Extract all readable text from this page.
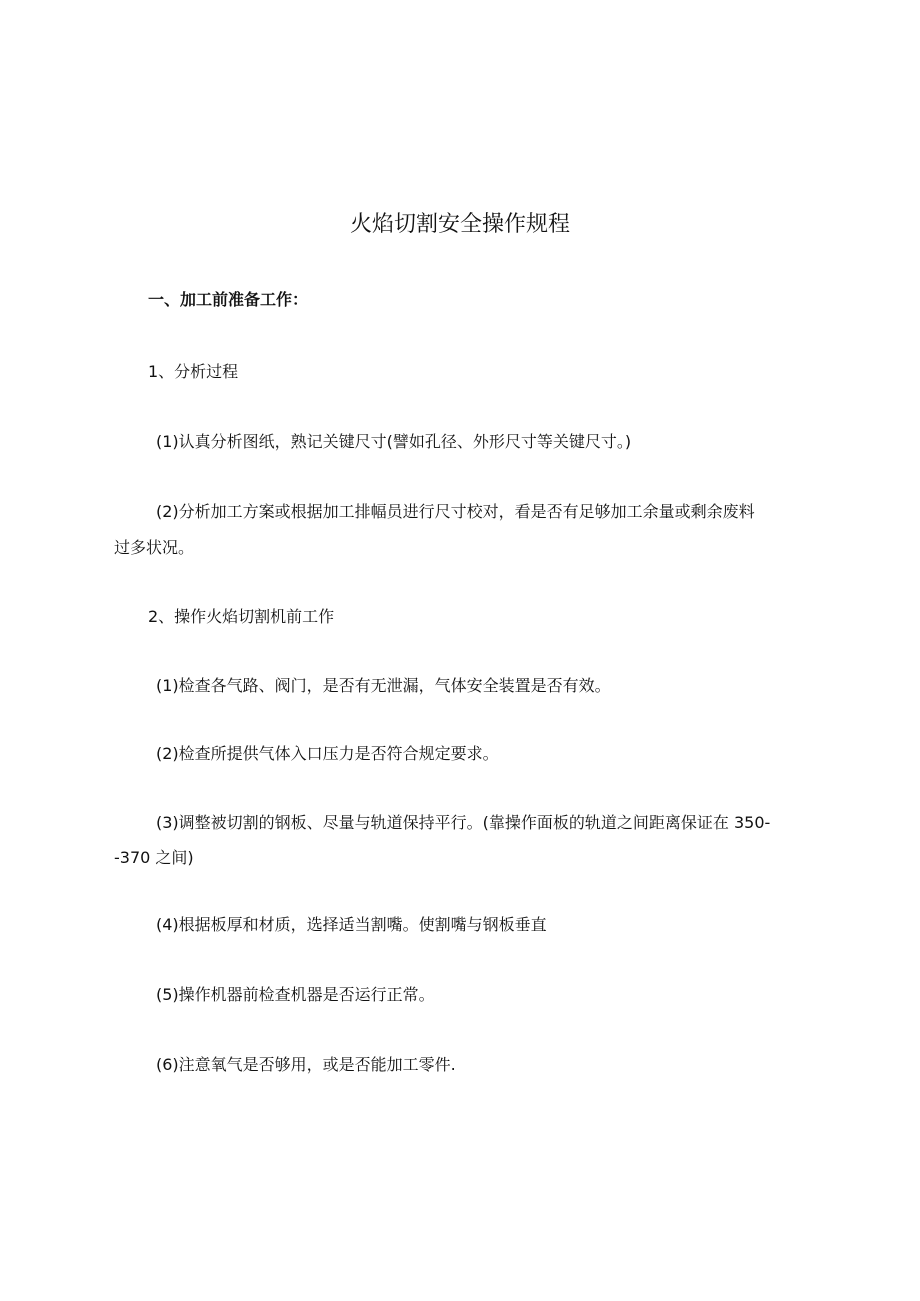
火焰切割安全操作规程

一、加工前准备工作：

1、分析过程

(1)认真分析图纸，熟记关键尺寸(譬如孔径、外形尺寸等关键尺寸。)

(2)分析加工方案或根据加工排幅员进行尺寸校对，看是否有足够加工余量或剩余废料

过多状况。

2、操作火焰切割机前工作

(1)检查各气路、阀门，是否有无泄漏，气体安全装置是否有效。

(2)检查所提供气体入口压力是否符合规定要求。

(3)调整被切割的钢板、尽量与轨道保持平行。(靠操作面板的轨道之间距离保证在 350-

-370 之间)

(4)根据板厚和材质，选择适当割嘴。使割嘴与钢板垂直

(5)操作机器前检查机器是否运行正常。

(6)注意氧气是否够用，或是否能加工零件.
